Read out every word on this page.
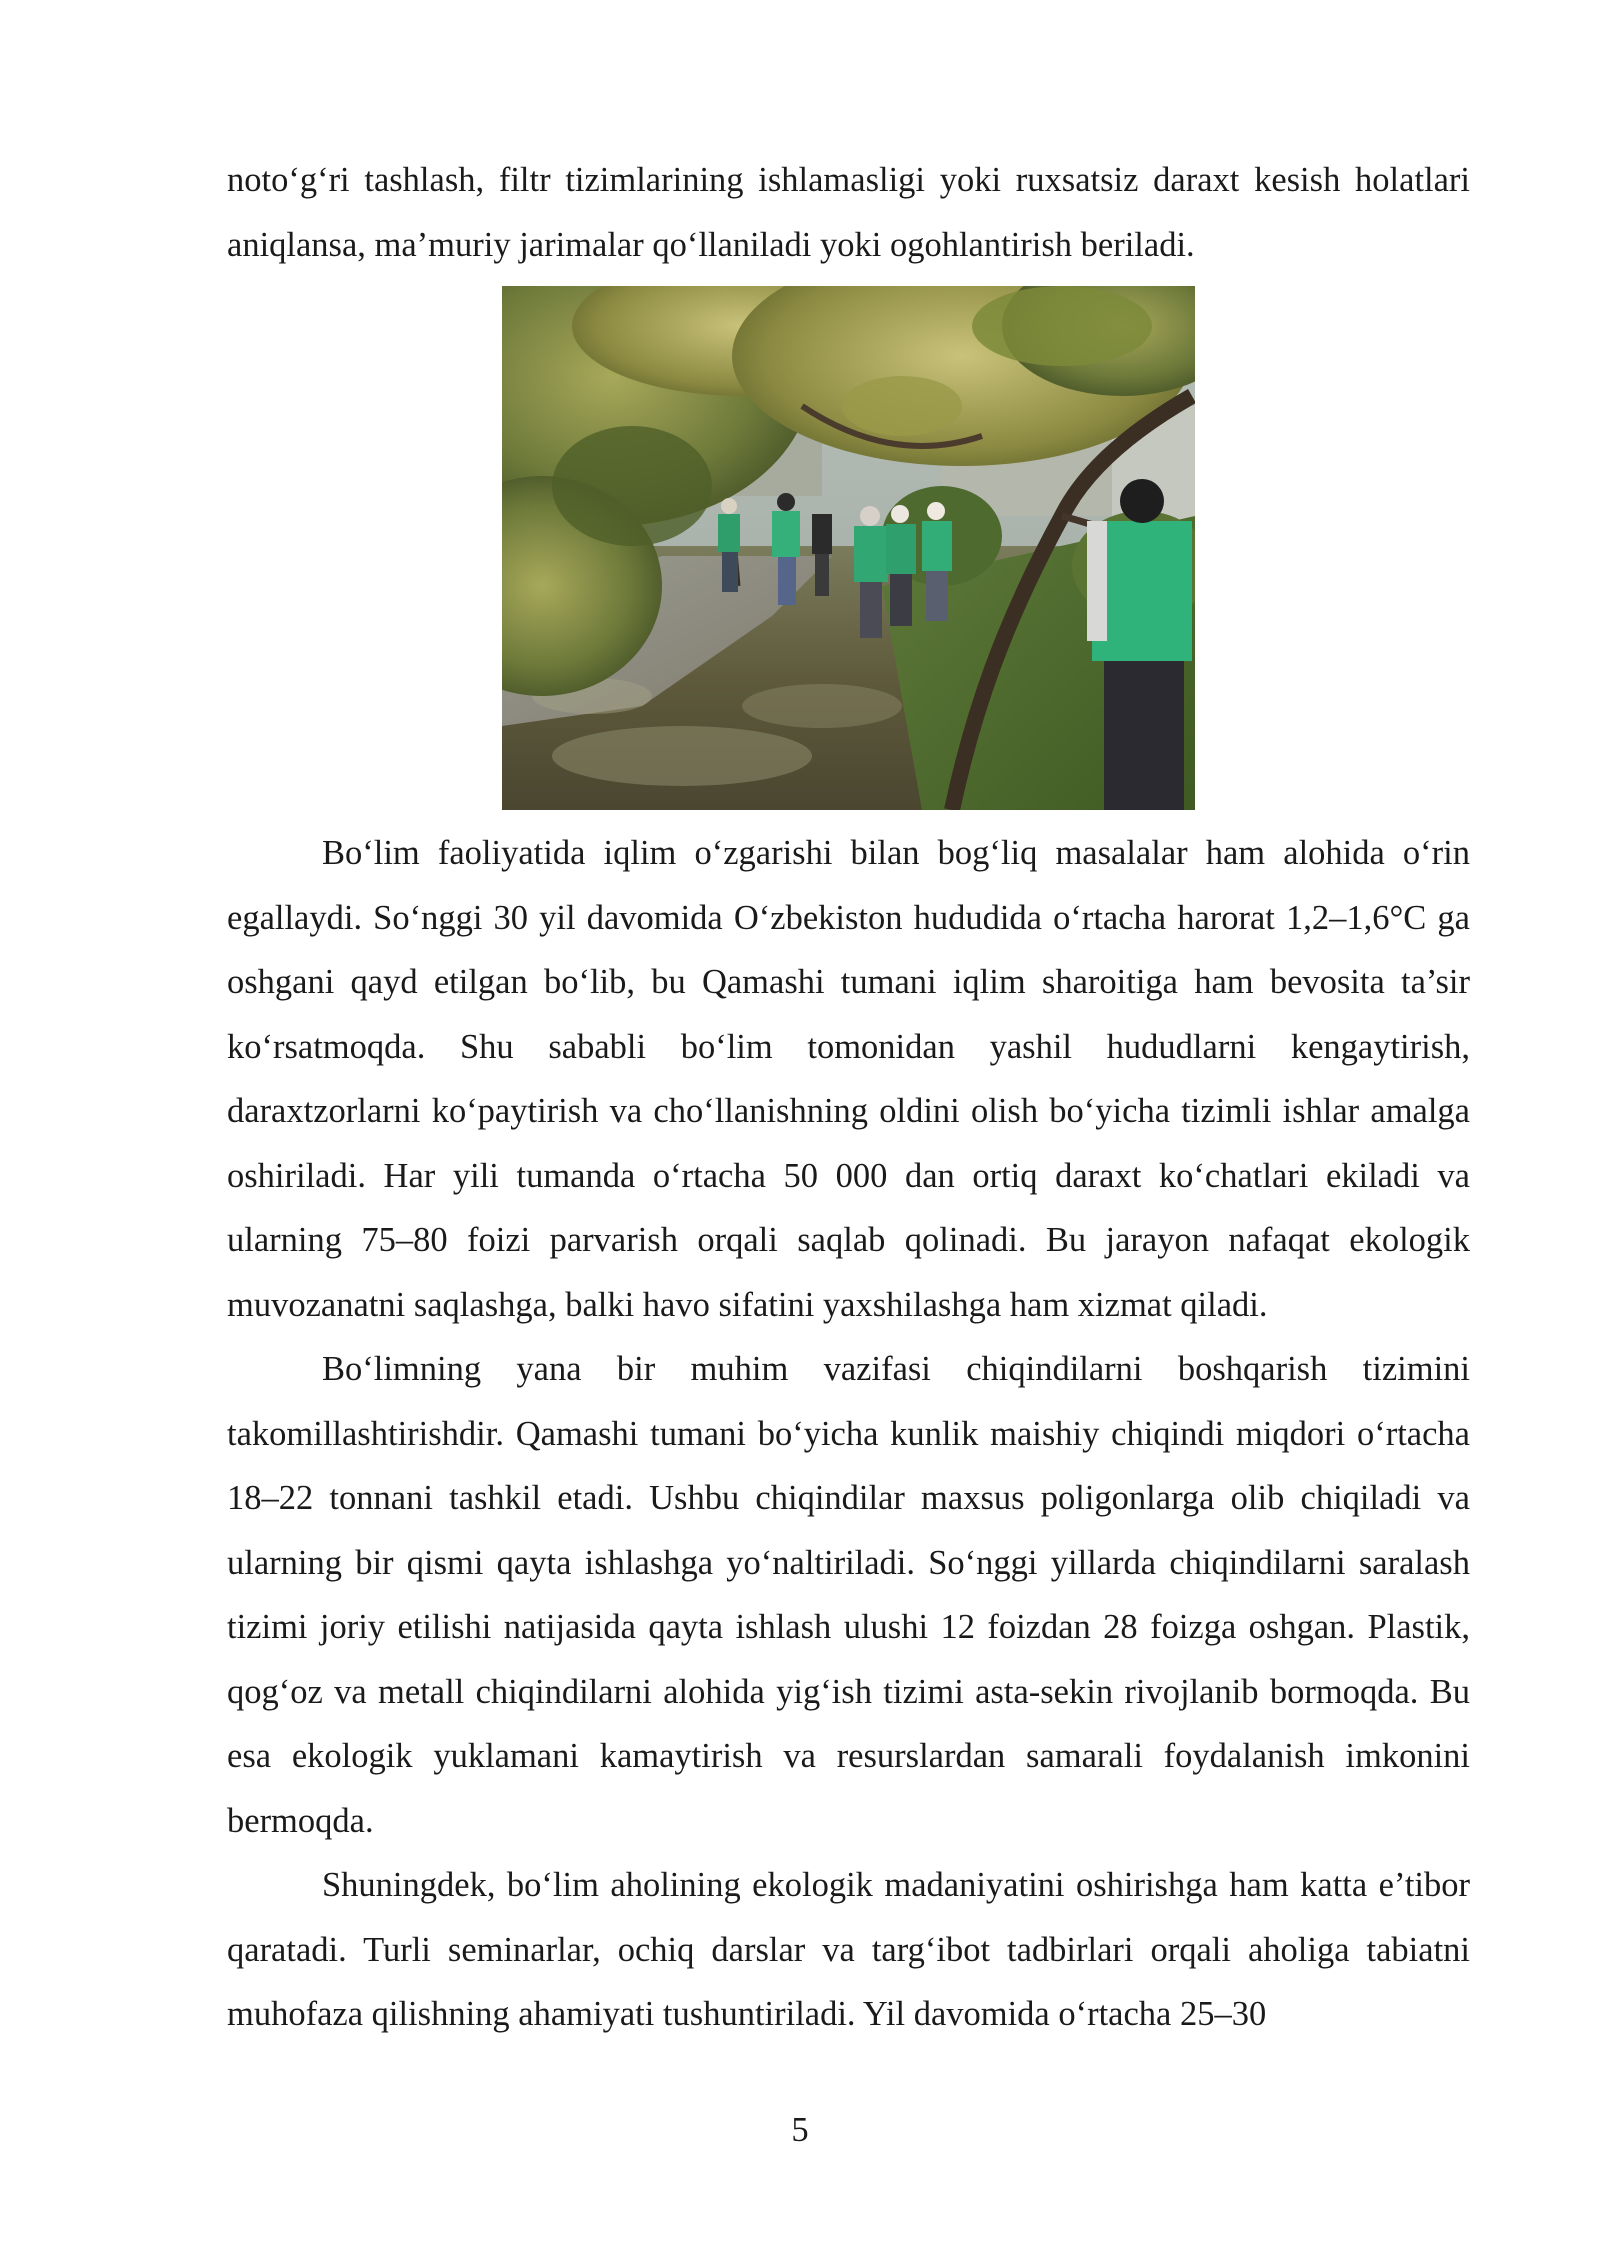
noto‘g‘ri tashlash, filtr tizimlarining ishlamasligi yoki ruxsatsiz daraxt kesish holatlari aniqlansa, ma’muriy jarimalar qo‘llaniladi yoki ogohlantirish beriladi.

Bo‘lim faoliyatida iqlim o‘zgarishi bilan bog‘liq masalalar ham alohida o‘rin egallaydi. So‘nggi 30 yil davomida O‘zbekiston hududida o‘rtacha harorat 1,2–1,6°C ga oshgani qayd etilgan bo‘lib, bu Qamashi tumani iqlim sharoitiga ham bevosita ta’sir ko‘rsatmoqda. Shu sababli bo‘lim tomonidan yashil hududlarni kengaytirish, daraxtzorlarni ko‘paytirish va cho‘llanishning oldini olish bo‘yicha tizimli ishlar amalga oshiriladi. Har yili tumanda o‘rtacha 50 000 dan ortiq daraxt ko‘chatlari ekiladi va ularning 75–80 foizi parvarish orqali saqlab qolinadi. Bu jarayon nafaqat ekologik muvozanatni saqlashga, balki havo sifatini yaxshilashga ham xizmat qiladi.

Bo‘limning yana bir muhim vazifasi chiqindilarni boshqarish tizimini takomillashtirishdir. Qamashi tumani bo‘yicha kunlik maishiy chiqindi miqdori o‘rtacha 18–22 tonnani tashkil etadi. Ushbu chiqindilar maxsus poligonlarga olib chiqiladi va ularning bir qismi qayta ishlashga yo‘naltiriladi. So‘nggi yillarda chiqindilarni saralash tizimi joriy etilishi natijasida qayta ishlash ulushi 12 foizdan 28 foizga oshgan. Plastik, qog‘oz va metall chiqindilarni alohida yig‘ish tizimi asta-sekin rivojlanib bormoqda. Bu esa ekologik yuklamani kamaytirish va resurslardan samarali foydalanish imkonini bermoqda.

Shuningdek, bo‘lim aholining ekologik madaniyatini oshirishga ham katta e’tibor qaratadi. Turli seminarlar, ochiq darslar va targ‘ibot tadbirlari orqali aholiga tabiatni muhofaza qilishning ahamiyati tushuntiriladi. Yil davomida o‘rtacha 25–30

5
